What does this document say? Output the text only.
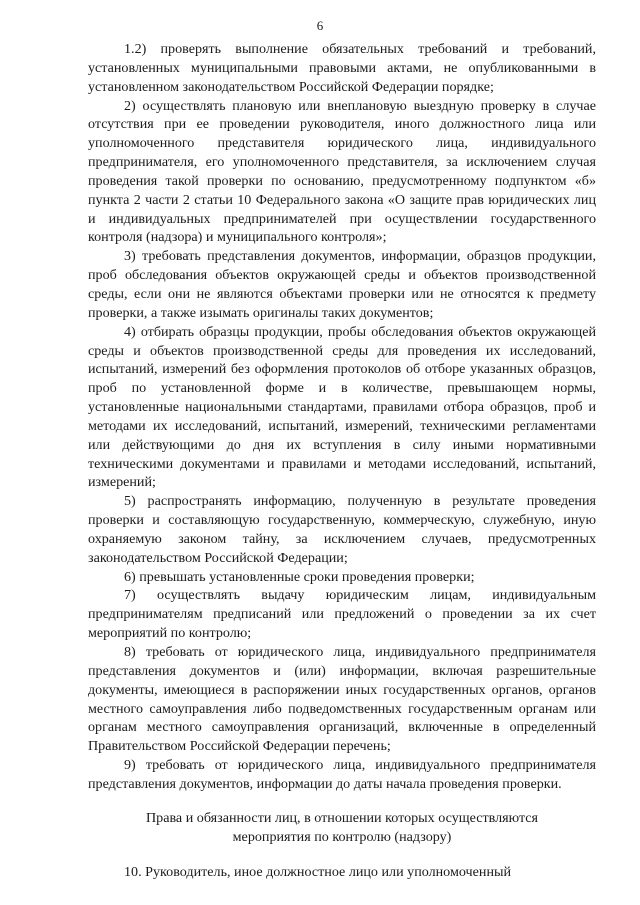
6

1.2) проверять выполнение обязательных требований и требований, установленных муниципальными правовыми актами, не опубликованными в установленном законодательством Российской Федерации порядке;

2) осуществлять плановую или внеплановую выездную проверку в случае отсутствия при ее проведении руководителя, иного должностного лица или уполномоченного представителя юридического лица, индивидуального предпринимателя, его уполномоченного представителя, за исключением случая проведения такой проверки по основанию, предусмотренному подпунктом «б» пункта 2 части 2 статьи 10 Федерального закона «О защите прав юридических лиц и индивидуальных предпринимателей при осуществлении государственного контроля (надзора) и муниципального контроля»;

3) требовать представления документов, информации, образцов продукции, проб обследования объектов окружающей среды и объектов производственной среды, если они не являются объектами проверки или не относятся к предмету проверки, а также изымать оригиналы таких документов;

4) отбирать образцы продукции, пробы обследования объектов окружающей среды и объектов производственной среды для проведения их исследований, испытаний, измерений без оформления протоколов об отборе указанных образцов, проб по установленной форме и в количестве, превышающем нормы, установленные национальными стандартами, правилами отбора образцов, проб и методами их исследований, испытаний, измерений, техническими регламентами или действующими до дня их вступления в силу иными нормативными техническими документами и правилами и методами исследований, испытаний, измерений;

5) распространять информацию, полученную в результате проведения проверки и составляющую государственную, коммерческую, служебную, иную охраняемую законом тайну, за исключением случаев, предусмотренных законодательством Российской Федерации;

6) превышать установленные сроки проведения проверки;

7) осуществлять выдачу юридическим лицам, индивидуальным предпринимателям предписаний или предложений о проведении за их счет мероприятий по контролю;

8) требовать от юридического лица, индивидуального предпринимателя представления документов и (или) информации, включая разрешительные документы, имеющиеся в распоряжении иных государственных органов, органов местного самоуправления либо подведомственных государственным органам или органам местного самоуправления организаций, включенные в определенный Правительством Российской Федерации перечень;

9) требовать от юридического лица, индивидуального предпринимателя представления документов, информации до даты начала проведения проверки.

Права и обязанности лиц, в отношении которых осуществляются
мероприятия по контролю (надзору)

10. Руководитель, иное должностное лицо или уполномоченный
